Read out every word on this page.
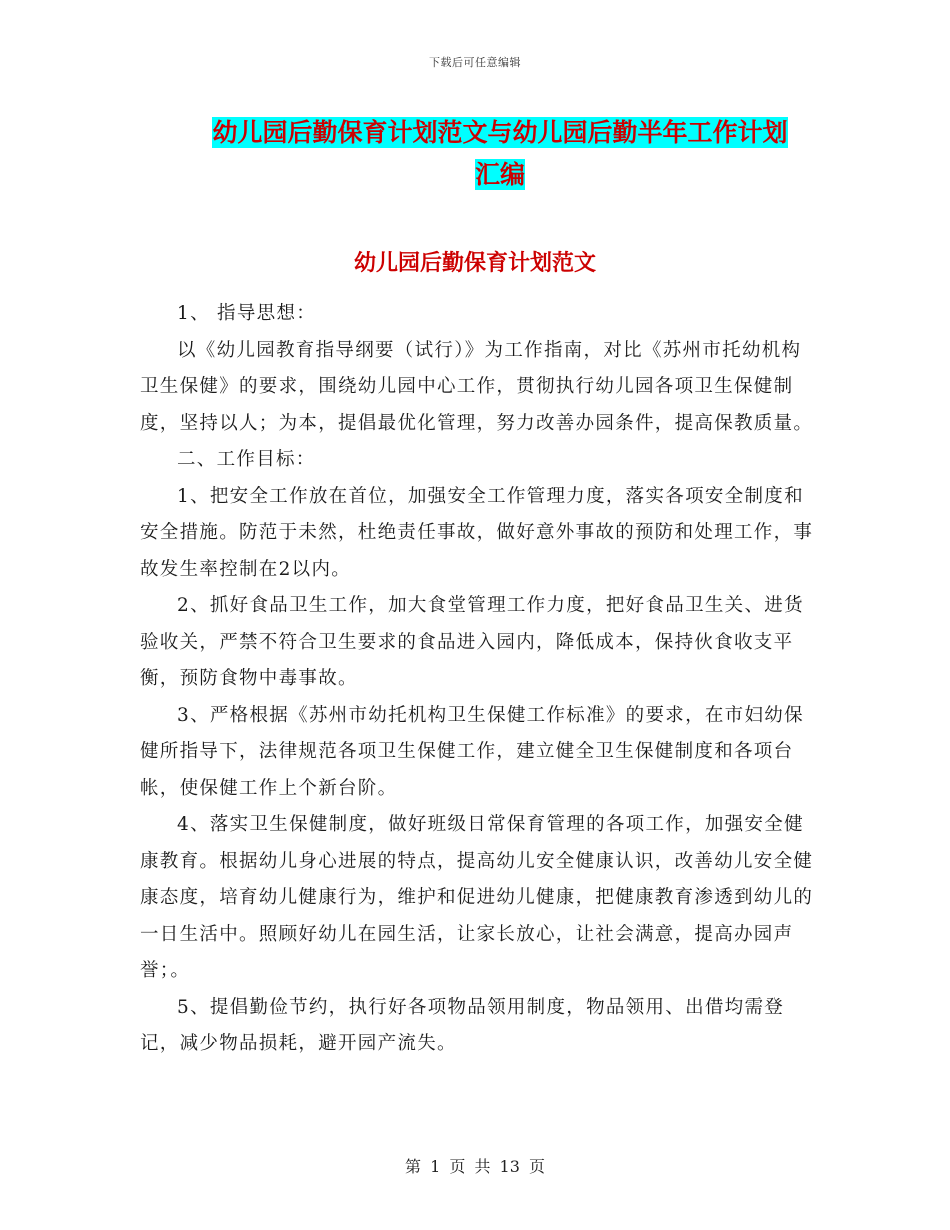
下载后可任意编辑
幼儿园后勤保育计划范文与幼儿园后勤半年工作计划
汇编
幼儿园后勤保育计划范文

1、 指导思想：

以《幼儿园教育指导纲要（试行）》为工作指南，对比《苏州市托幼机构卫生保健》的要求，围绕幼儿园中心工作，贯彻执行幼儿园各项卫生保健制度，坚持以人；为本，提倡最优化管理，努力改善办园条件，提高保教质量。

二、工作目标：

1、把安全工作放在首位，加强安全工作管理力度，落实各项安全制度和安全措施。防范于未然，杜绝责任事故，做好意外事故的预防和处理工作，事故发生率控制在2以内。

2、抓好食品卫生工作，加大食堂管理工作力度，把好食品卫生关、进货验收关，严禁不符合卫生要求的食品进入园内，降低成本，保持伙食收支平衡，预防食物中毒事故。

3、严格根据《苏州市幼托机构卫生保健工作标准》的要求，在市妇幼保健所指导下，法律规范各项卫生保健工作，建立健全卫生保健制度和各项台帐，使保健工作上个新台阶。

4、落实卫生保健制度，做好班级日常保育管理的各项工作，加强安全健康教育。根据幼儿身心进展的特点，提高幼儿安全健康认识，改善幼儿安全健康态度，培育幼儿健康行为，维护和促进幼儿健康，把健康教育渗透到幼儿的一日生活中。照顾好幼儿在园生活，让家长放心，让社会满意，提高办园声誉；。

5、提倡勤俭节约，执行好各项物品领用制度，物品领用、出借均需登记，减少物品损耗，避开园产流失。

第 1 页 共 13 页
